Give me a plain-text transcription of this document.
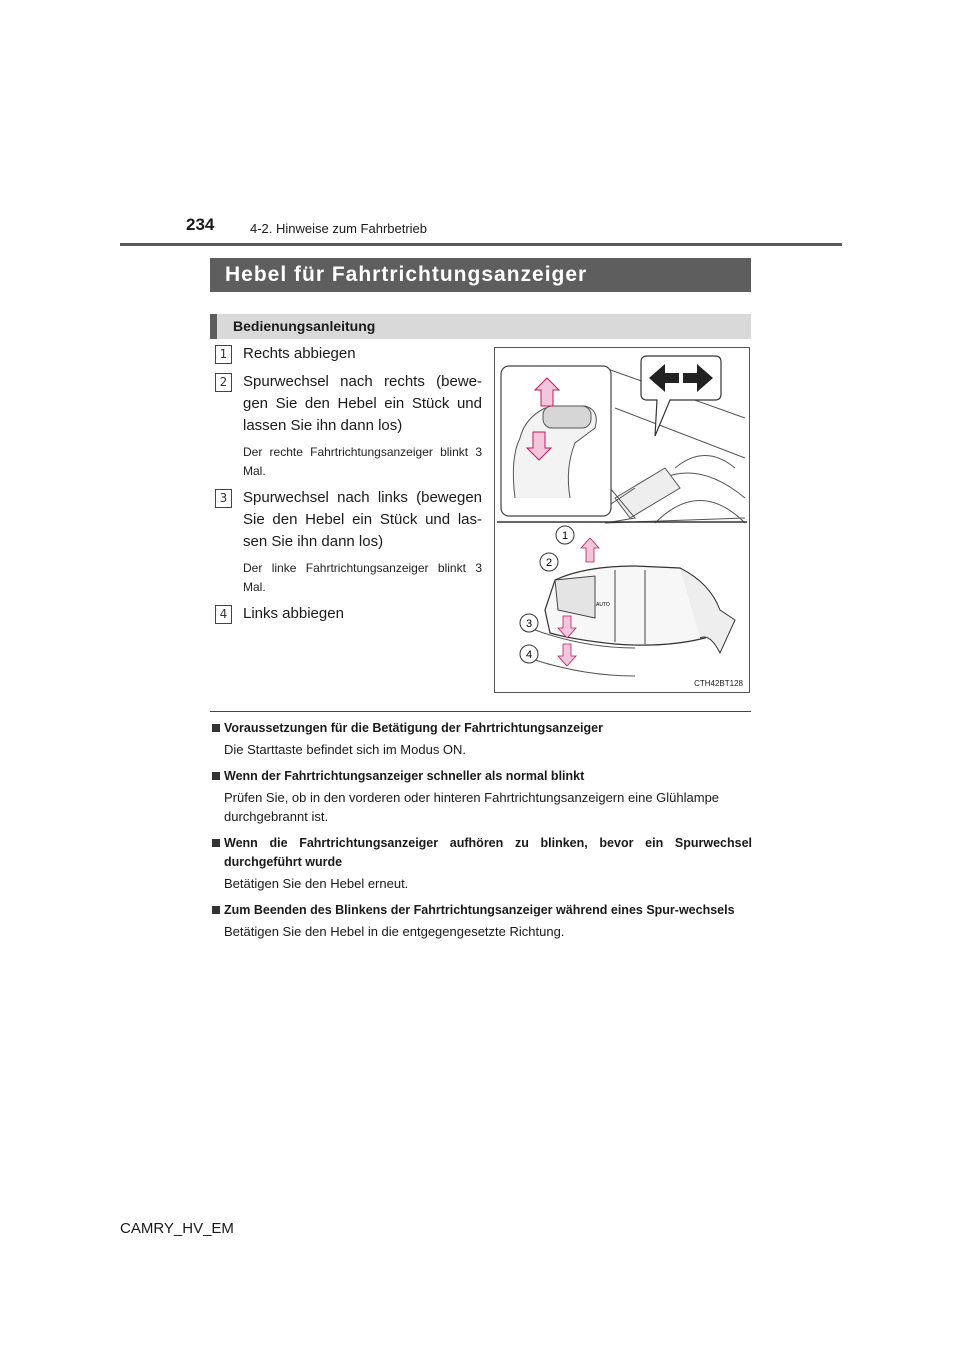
234	4-2. Hinweise zum Fahrbetrieb
Hebel für Fahrtrichtungsanzeiger
Bedienungsanleitung
1	Rechts abbiegen
2	Spurwechsel nach rechts (bewe-gen Sie den Hebel ein Stück und lassen Sie ihn dann los)
Der rechte Fahrtrichtungsanzeiger blinkt 3 Mal.
3	Spurwechsel nach links (bewegen Sie den Hebel ein Stück und las-sen Sie ihn dann los)
Der linke Fahrtrichtungsanzeiger blinkt 3 Mal.
4	Links abbiegen	AUTO
1
2
3
4
CTH42BT128
Voraussetzungen für die Betätigung der Fahrtrichtungsanzeiger
Die Starttaste befindet sich im Modus ON.
Wenn der Fahrtrichtungsanzeiger schneller als normal blinkt
Prüfen Sie, ob in den vorderen oder hinteren Fahrtrichtungsanzeigern eine Glühlampe durchgebrannt ist.
Wenn die Fahrtrichtungsanzeiger aufhören zu blinken, bevor ein Spurwechsel durchgeführt wurde
Betätigen Sie den Hebel erneut.
Zum Beenden des Blinkens der Fahrtrichtungsanzeiger während eines Spur-wechsels
Betätigen Sie den Hebel in die entgegengesetzte Richtung.
CAMRY_HV_EM
